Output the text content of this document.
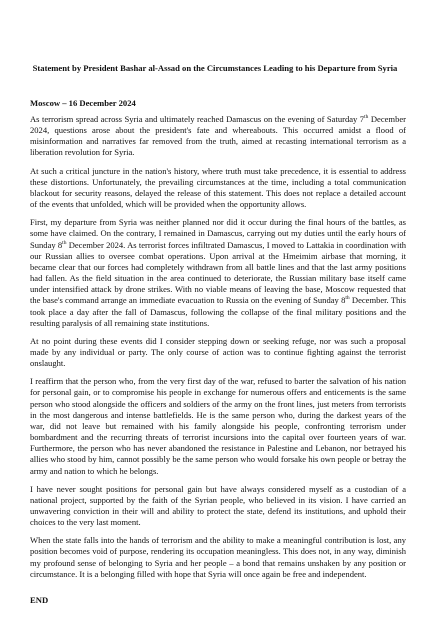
Statement by President Bashar al-Assad on the Circumstances Leading to his Departure from Syria

Moscow – 16 December 2024

As terrorism spread across Syria and ultimately reached Damascus on the evening of Saturday 7th December 2024, questions arose about the president's fate and whereabouts. This occurred amidst a flood of misinformation and narratives far removed from the truth, aimed at recasting international terrorism as a liberation revolution for Syria.

At such a critical juncture in the nation's history, where truth must take precedence, it is essential to address these distortions. Unfortunately, the prevailing circumstances at the time, including a total communication blackout for security reasons, delayed the release of this statement. This does not replace a detailed account of the events that unfolded, which will be provided when the opportunity allows.

First, my departure from Syria was neither planned nor did it occur during the final hours of the battles, as some have claimed. On the contrary, I remained in Damascus, carrying out my duties until the early hours of Sunday 8th December 2024. As terrorist forces infiltrated Damascus, I moved to Lattakia in coordination with our Russian allies to oversee combat operations. Upon arrival at the Hmeimim airbase that morning, it became clear that our forces had completely withdrawn from all battle lines and that the last army positions had fallen. As the field situation in the area continued to deteriorate, the Russian military base itself came under intensified attack by drone strikes. With no viable means of leaving the base, Moscow requested that the base's command arrange an immediate evacuation to Russia on the evening of Sunday 8th December. This took place a day after the fall of Damascus, following the collapse of the final military positions and the resulting paralysis of all remaining state institutions.

At no point during these events did I consider stepping down or seeking refuge, nor was such a proposal made by any individual or party. The only course of action was to continue fighting against the terrorist onslaught.

I reaffirm that the person who, from the very first day of the war, refused to barter the salvation of his nation for personal gain, or to compromise his people in exchange for numerous offers and enticements is the same person who stood alongside the officers and soldiers of the army on the front lines, just meters from terrorists in the most dangerous and intense battlefields. He is the same person who, during the darkest years of the war, did not leave but remained with his family alongside his people, confronting terrorism under bombardment and the recurring threats of terrorist incursions into the capital over fourteen years of war. Furthermore, the person who has never abandoned the resistance in Palestine and Lebanon, nor betrayed his allies who stood by him, cannot possibly be the same person who would forsake his own people or betray the army and nation to which he belongs.

I have never sought positions for personal gain but have always considered myself as a custodian of a national project, supported by the faith of the Syrian people, who believed in its vision. I have carried an unwavering conviction in their will and ability to protect the state, defend its institutions, and uphold their choices to the very last moment.

When the state falls into the hands of terrorism and the ability to make a meaningful contribution is lost, any position becomes void of purpose, rendering its occupation meaningless. This does not, in any way, diminish my profound sense of belonging to Syria and her people – a bond that remains unshaken by any position or circumstance. It is a belonging filled with hope that Syria will once again be free and independent.

END
